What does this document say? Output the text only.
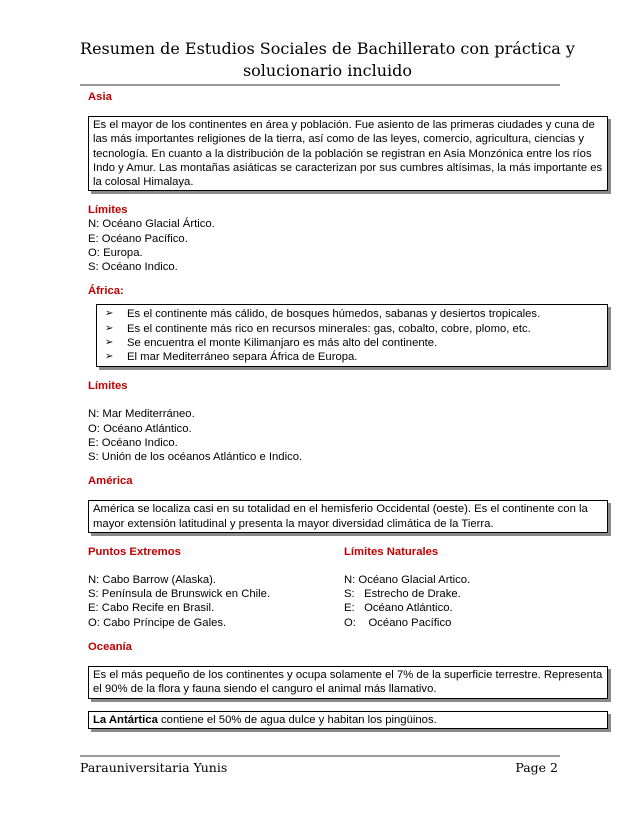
Resumen de Estudios Sociales de Bachillerato con práctica y solucionario incluido
Asia
Es el mayor de los continentes en área y población. Fue asiento de las primeras ciudades y cuna de las más importantes religiones de la tierra, así como de las leyes, comercio, agricultura, ciencias y tecnología. En cuanto a la distribución de la población se registran en Asia Monzónica entre los ríos Indo y Amur. Las montañas asiáticas se caracterizan por sus cumbres altísimas, la más importante es la colosal Himalaya.
Límites
N: Océano Glacial Ártico.
E: Océano Pacífico.
O: Europa.
S: Océano Indico.
África:
➢ Es el continente más cálido, de bosques húmedos, sabanas y desiertos tropicales.
➢ Es el continente más rico en recursos minerales: gas, cobalto, cobre, plomo, etc.
➢ Se encuentra el monte Kilimanjaro es más alto del continente.
➢ El mar Mediterráneo separa África de Europa.
Límites
N: Mar Mediterráneo.
O: Océano Atlántico.
E: Océano Indico.
S: Unión de los océanos Atlántico e Indico.
América
América se localiza casi en su totalidad en el hemisferio Occidental (oeste). Es el continente con la mayor extensión latitudinal y presenta la mayor diversidad climática de la Tierra.
Puntos Extremos
N: Cabo Barrow (Alaska).
S: Península de Brunswick en Chile.
E: Cabo Recife en Brasil.
O: Cabo Príncipe de Gales.
Límites Naturales
N: Océano Glacial Artico.
S:   Estrecho de Drake.
E:   Océano Atlántico.
O:    Océano Pacífico
Oceanía
Es el más pequeño de los continentes y ocupa solamente el 7% de la superficie terrestre. Representa el 90% de la flora y fauna siendo el canguro el animal más llamativo.
La Antártica contiene el 50% de agua dulce y habitan los pingüinos.
Parauniversitaria Yunis	Page 2
